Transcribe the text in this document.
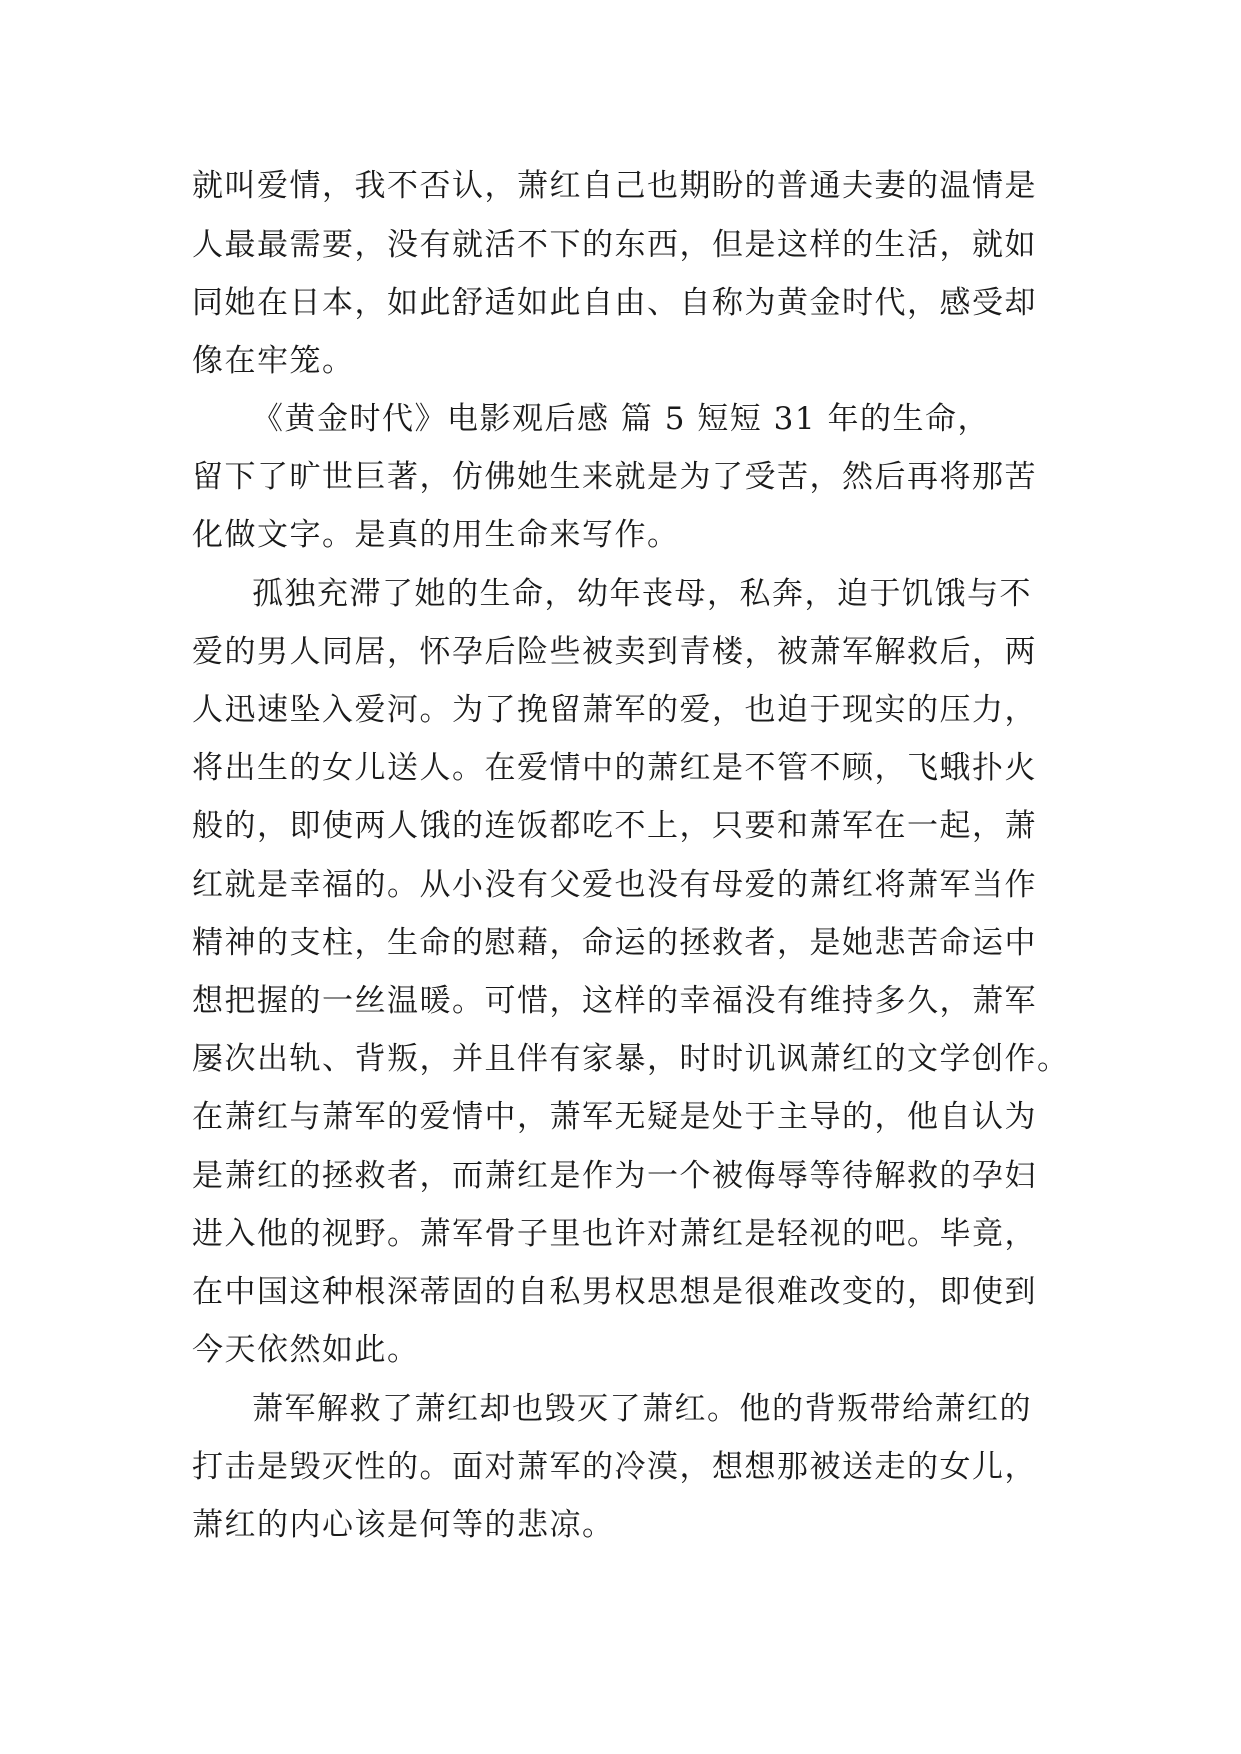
就叫爱情，我不否认，萧红自己也期盼的普通夫妻的温情是
人最最需要，没有就活不下的东西，但是这样的生活，就如
同她在日本，如此舒适如此自由、自称为黄金时代，感受却
像在牢笼。
《黄金时代》电影观后感 篇 5 短短 31 年的生命，
留下了旷世巨著，仿佛她生来就是为了受苦，然后再将那苦
化做文字。是真的用生命来写作。
孤独充滞了她的生命，幼年丧母，私奔，迫于饥饿与不
爱的男人同居，怀孕后险些被卖到青楼，被萧军解救后，两
人迅速坠入爱河。为了挽留萧军的爱，也迫于现实的压力，
将出生的女儿送人。在爱情中的萧红是不管不顾，飞蛾扑火
般的，即使两人饿的连饭都吃不上，只要和萧军在一起，萧
红就是幸福的。从小没有父爱也没有母爱的萧红将萧军当作
精神的支柱，生命的慰藉，命运的拯救者，是她悲苦命运中
想把握的一丝温暖。可惜，这样的幸福没有维持多久，萧军
屡次出轨、背叛，并且伴有家暴，时时讥讽萧红的文学创作。
在萧红与萧军的爱情中，萧军无疑是处于主导的，他自认为
是萧红的拯救者，而萧红是作为一个被侮辱等待解救的孕妇
进入他的视野。萧军骨子里也许对萧红是轻视的吧。毕竟，
在中国这种根深蒂固的自私男权思想是很难改变的，即使到
今天依然如此。
萧军解救了萧红却也毁灭了萧红。他的背叛带给萧红的
打击是毁灭性的。面对萧军的冷漠，想想那被送走的女儿，
萧红的内心该是何等的悲凉。
